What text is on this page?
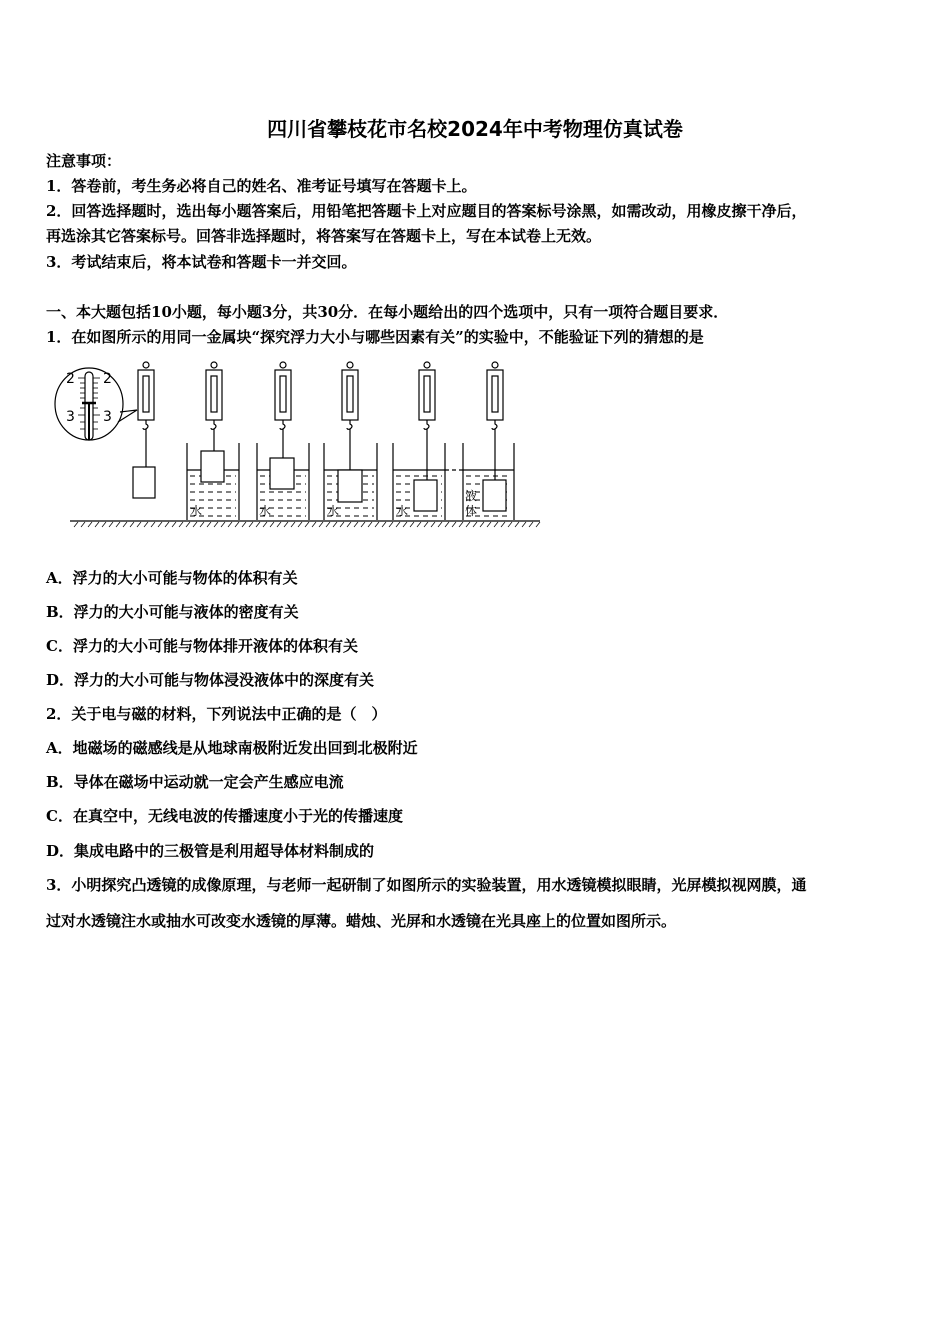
四川省攀枝花市名校2024年中考物理仿真试卷
注意事项：
1．答卷前，考生务必将自己的姓名、准考证号填写在答题卡上。
2．回答选择题时，选出每小题答案后，用铅笔把答题卡上对应题目的答案标号涂黑，如需改动，用橡皮擦干净后，
再选涂其它答案标号。回答非选择题时，将答案写在答题卡上，写在本试卷上无效。
3．考试结束后，将本试卷和答题卡一并交回。
一、本大题包括10小题，每小题3分，共30分．在每小题给出的四个选项中，只有一项符合题目要求．
1．在如图所示的用同一金属块“探究浮力大小与哪些因素有关”的实验中，不能验证下列的猜想的是
2 2
3 3
水	水	水	水
液
体
A．浮力的大小可能与物体的体积有关
B．浮力的大小可能与液体的密度有关
C．浮力的大小可能与物体排开液体的体积有关
D．浮力的大小可能与物体浸没液体中的深度有关
2．关于电与磁的材料，下列说法中正确的是（　）
A．地磁场的磁感线是从地球南极附近发出回到北极附近
B．导体在磁场中运动就一定会产生感应电流
C．在真空中，无线电波的传播速度小于光的传播速度
D．集成电路中的三极管是利用超导体材料制成的
3．小明探究凸透镜的成像原理，与老师一起研制了如图所示的实验装置，用水透镜模拟眼睛，光屏模拟视网膜，通
过对水透镜注水或抽水可改变水透镜的厚薄。蜡烛、光屏和水透镜在光具座上的位置如图所示。
